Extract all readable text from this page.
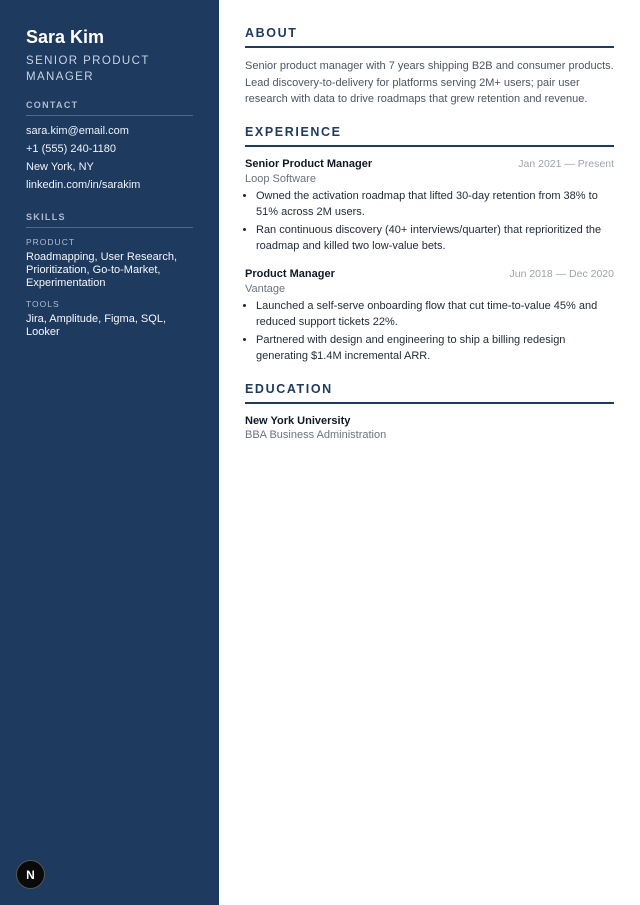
Sara Kim
SENIOR PRODUCT MANAGER
CONTACT
sara.kim@email.com
+1 (555) 240-1180
New York, NY
linkedin.com/in/sarakim
SKILLS
PRODUCT
Roadmapping, User Research, Prioritization, Go-to-Market, Experimentation
TOOLS
Jira, Amplitude, Figma, SQL, Looker
N
ABOUT
Senior product manager with 7 years shipping B2B and consumer products. Lead discovery-to-delivery for platforms serving 2M+ users; pair user research with data to drive roadmaps that grew retention and revenue.
EXPERIENCE
Senior Product Manager	Jan 2021 — Present
Loop Software
• Owned the activation roadmap that lifted 30-day retention from 38% to 51% across 2M users.
• Ran continuous discovery (40+ interviews/quarter) that reprioritized the roadmap and killed two low-value bets.
Product Manager	Jun 2018 — Dec 2020
Vantage
• Launched a self-serve onboarding flow that cut time-to-value 45% and reduced support tickets 22%.
• Partnered with design and engineering to ship a billing redesign generating $1.4M incremental ARR.
EDUCATION
New York University
BBA Business Administration
